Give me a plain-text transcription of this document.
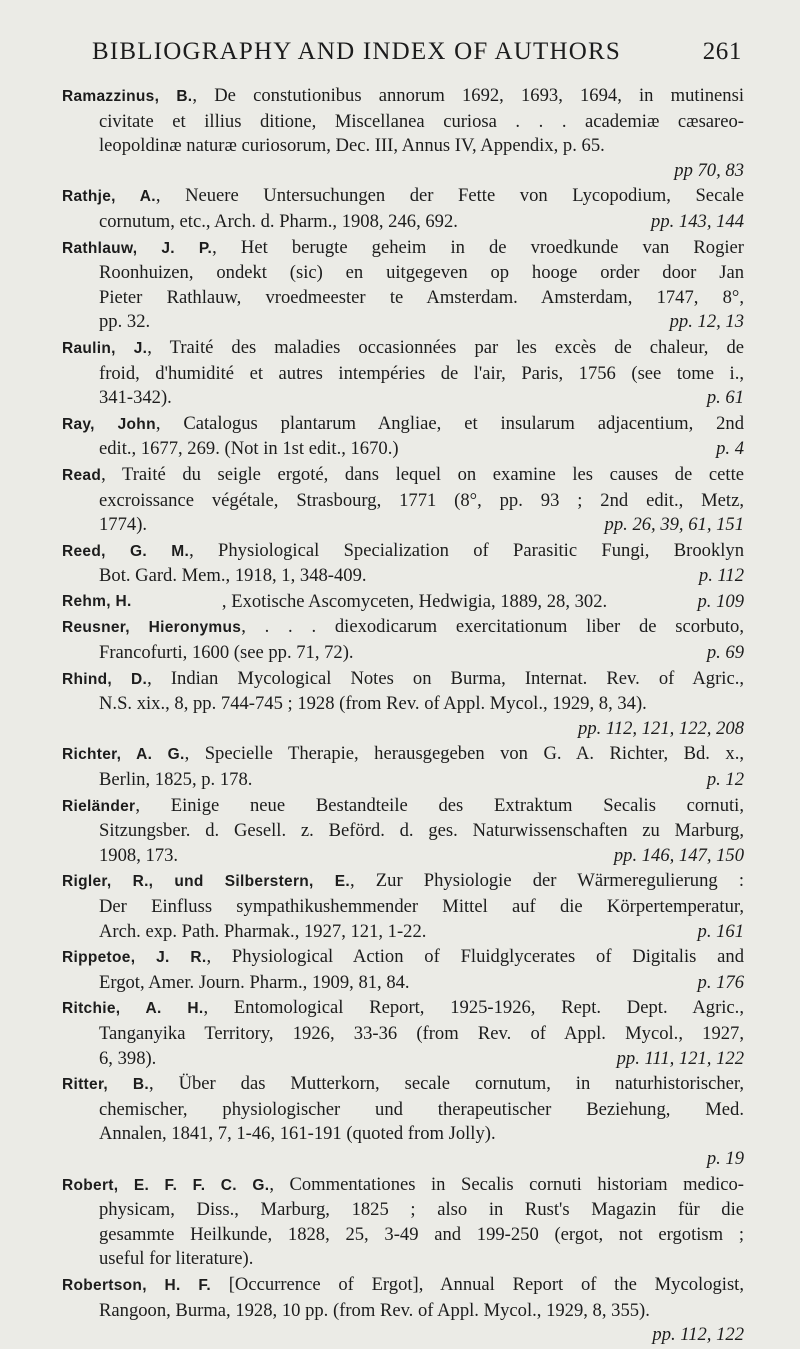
BIBLIOGRAPHY AND INDEX OF AUTHORS	261
Ramazzinus, B., De constutionibus annorum 1692, 1693, 1694, in mutinensi
civitate et illius ditione, Miscellanea curiosa . . . academiæ cæsareo-
leopoldinæ naturæ curiosorum, Dec. III, Annus IV, Appendix, p. 65.
pp 70, 83
Rathje, A., Neuere Untersuchungen der Fette von Lycopodium, Secale
cornutum, etc., Arch. d. Pharm., 1908, 246, 692.	pp. 143, 144
Rathlauw, J. P., Het berugte geheim in de vroedkunde van Rogier
Roonhuizen, ondekt (sic) en uitgegeven op hooge order door Jan
Pieter Rathlauw, vroedmeester te Amsterdam. Amsterdam, 1747, 8°,
pp. 32.	pp. 12, 13
Raulin, J., Traité des maladies occasionnées par les excès de chaleur, de
froid, d'humidité et autres intempéries de l'air, Paris, 1756 (see tome i.,
341-342).	p. 61
Ray, John, Catalogus plantarum Angliae, et insularum adjacentium, 2nd
edit., 1677, 269. (Not in 1st edit., 1670.)	p. 4
Read, Traité du seigle ergoté, dans lequel on examine les causes de cette
excroissance végétale, Strasbourg, 1771 (8°, pp. 93 ; 2nd edit., Metz,
1774).	pp. 26, 39, 61, 151
Reed, G. M., Physiological Specialization of Parasitic Fungi, Brooklyn
Bot. Gard. Mem., 1918, 1, 348-409.	p. 112
Rehm, H.	, Exotische Ascomyceten, Hedwigia, 1889, 28, 302.	p. 109
Reusner, Hieronymus, . . . diexodicarum exercitationum liber de scorbuto,
Francofurti, 1600 (see pp. 71, 72).	p. 69
Rhind, D., Indian Mycological Notes on Burma, Internat. Rev. of Agric.,
N.S. xix., 8, pp. 744-745 ; 1928 (from Rev. of Appl. Mycol., 1929, 8, 34).
pp. 112, 121, 122, 208
Richter, A. G., Specielle Therapie, herausgegeben von G. A. Richter, Bd. x.,
Berlin, 1825, p. 178.	p. 12
Rieländer, Einige neue Bestandteile des Extraktum Secalis cornuti,
Sitzungsber. d. Gesell. z. Beförd. d. ges. Naturwissenschaften zu Marburg,
1908, 173.	pp. 146, 147, 150
Rigler, R., und Silberstern, E., Zur Physiologie der Wärmeregulierung :
Der Einfluss sympathikushemmender Mittel auf die Körpertemperatur,
Arch. exp. Path. Pharmak., 1927, 121, 1-22.	p. 161
Rippetoe, J. R., Physiological Action of Fluidglycerates of Digitalis and
Ergot, Amer. Journ. Pharm., 1909, 81, 84.	p. 176
Ritchie, A. H., Entomological Report, 1925-1926, Rept. Dept. Agric.,
Tanganyika Territory, 1926, 33-36 (from Rev. of Appl. Mycol., 1927,
6, 398).	pp. 111, 121, 122
Ritter, B., Über das Mutterkorn, secale cornutum, in naturhistorischer,
chemischer, physiologischer und therapeutischer Beziehung, Med.
Annalen, 1841, 7, 1-46, 161-191 (quoted from Jolly).
p. 19
Robert, E. F. F. C. G., Commentationes in Secalis cornuti historiam medico-
physicam, Diss., Marburg, 1825 ; also in Rust's Magazin für die
gesammte Heilkunde, 1828, 25, 3-49 and 199-250 (ergot, not ergotism ;
useful for literature).
Robertson, H. F. [Occurrence of Ergot], Annual Report of the Mycologist,
Rangoon, Burma, 1928, 10 pp. (from Rev. of Appl. Mycol., 1929, 8, 355).
pp. 112, 122
